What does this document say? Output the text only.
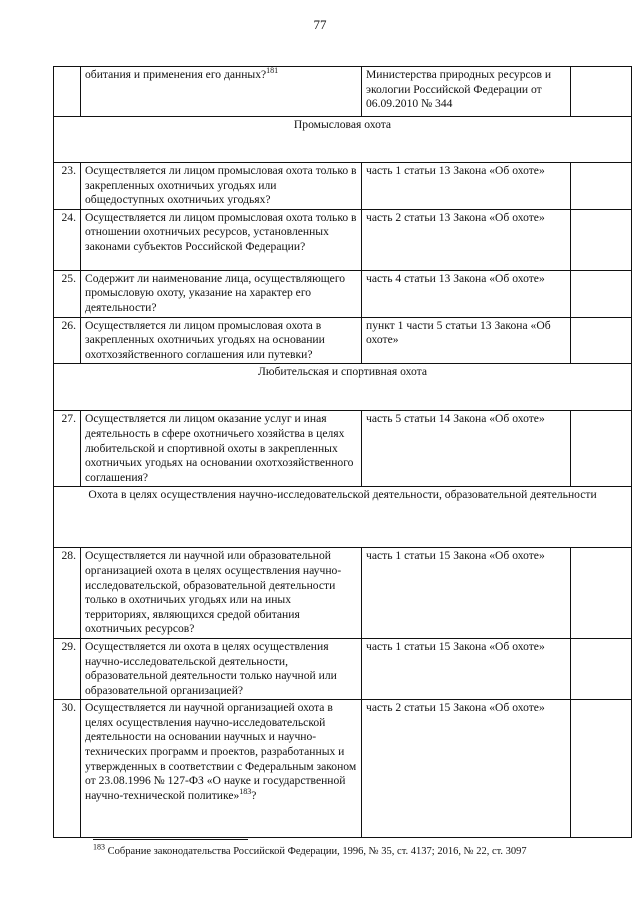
77
	обитания и применения его данных?$^{181}$	Министерства природных ресурсов и экологии Российской Федерации от 06.09.2010 № 344	
Промысловая охота			
23.	Осуществляется ли лицом промысловая охота только в закрепленных охотничьих угодьях или общедоступных охотничьих угодьях?	часть 1 статьи 13 Закона «Об охоте»	
24.	Осуществляется ли лицом промысловая охота только в отношении охотничьих ресурсов, установленных законами субъектов Российской Федерации?	часть 2 статьи 13 Закона «Об охоте»	
25.	Содержит ли наименование лица, осуществляющего промысловую охоту, указание на характер его деятельности?	часть 4 статьи 13 Закона «Об охоте»	
26.	Осуществляется ли лицом промысловая охота в закрепленных охотничьих угодьях на основании охотхозяйственного соглашения или путевки?	пункт 1 части 5 статьи 13 Закона «Об охоте»	
Любительская и спортивная охота			
27.	Осуществляется ли лицом оказание услуг и иная деятельность в сфере охотничьего хозяйства в целях любительской и спортивной охоты в закрепленных охотничьих угодьях на основании охотхозяйственного соглашения?	часть 5 статьи 14 Закона «Об охоте»	
Охота в целях осуществления научно-исследовательской деятельности, образовательной деятельности			
28.	Осуществляется ли научной или образовательной организацией охота в целях осуществления научно-исследовательской, образовательной деятельности только в охотничьих угодьях или на иных территориях, являющихся средой обитания охотничьих ресурсов?	часть 1 статьи 15 Закона «Об охоте»	
29.	Осуществляется ли охота в целях осуществления научно-исследовательской деятельности, образовательной деятельности только научной или образовательной организацией?	часть 1 статьи 15 Закона «Об охоте»	
30.	Осуществляется ли научной организацией охота в целях осуществления научно-исследовательской деятельности на основании научных и научно-технических программ и проектов, разработанных и утвержденных в соответствии с Федеральным законом от 23.08.1996 № 127-ФЗ «О науке и государственной научно-технической политике»$^{183}$?	часть 2 статьи 15 Закона «Об охоте»	
$^{183}$ Собрание законодательства Российской Федерации, 1996, № 35, ст. 4137; 2016, № 22, ст. 3097
